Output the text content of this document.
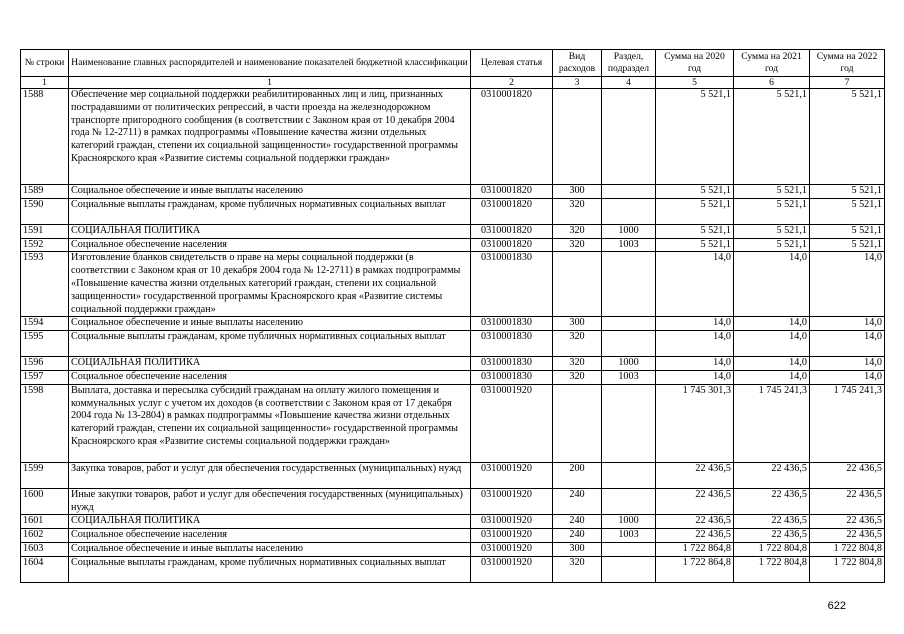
№ строки	Наименование главных распорядителей и наименование показателей бюджетной классификации	Целевая статья	Вид расходов	Раздел, подраздел	Сумма на 2020 год	Сумма на 2021 год	Сумма на 2022 год
1	1	2	3	4	5	6	7
1588	Обеспечение мер социальной поддержки реабилитированных лиц и лиц, признанных пострадавшими от политических репрессий, в части проезда на железнодорожном транспорте пригородного сообщения (в соответствии с Законом края от 10 декабря 2004 года № 12-2711) в рамках подпрограммы «Повышение качества жизни отдельных категорий граждан, степени их социальной защищенности» государственной программы Красноярского края «Развитие системы социальной поддержки граждан»	0310001820			5 521,1	5 521,1	5 521,1
1589	Социальное обеспечение и иные выплаты населению	0310001820	300		5 521,1	5 521,1	5 521,1
1590	Социальные выплаты гражданам, кроме публичных нормативных социальных выплат	0310001820	320		5 521,1	5 521,1	5 521,1
1591	СОЦИАЛЬНАЯ ПОЛИТИКА	0310001820	320	1000	5 521,1	5 521,1	5 521,1
1592	Социальное обеспечение населения	0310001820	320	1003	5 521,1	5 521,1	5 521,1
1593	Изготовление бланков свидетельств о праве на меры социальной поддержки (в соответствии с Законом края от 10 декабря 2004 года № 12-2711) в рамках подпрограммы «Повышение качества жизни отдельных категорий граждан, степени их социальной защищенности» государственной программы Красноярского края «Развитие системы социальной поддержки граждан»	0310001830			14,0	14,0	14,0
1594	Социальное обеспечение и иные выплаты населению	0310001830	300		14,0	14,0	14,0
1595	Социальные выплаты гражданам, кроме публичных нормативных социальных выплат	0310001830	320		14,0	14,0	14,0
1596	СОЦИАЛЬНАЯ ПОЛИТИКА	0310001830	320	1000	14,0	14,0	14,0
1597	Социальное обеспечение населения	0310001830	320	1003	14,0	14,0	14,0
1598	Выплата, доставка и пересылка субсидий гражданам на оплату жилого помещения и коммунальных услуг с учетом их доходов (в соответствии с Законом края от 17 декабря 2004 года № 13-2804) в рамках подпрограммы «Повышение качества жизни отдельных категорий граждан, степени их социальной защищенности» государственной программы Красноярского края «Развитие системы социальной поддержки граждан»	0310001920			1 745 301,3	1 745 241,3	1 745 241,3
1599	Закупка товаров, работ и услуг для обеспечения государственных (муниципальных) нужд	0310001920	200		22 436,5	22 436,5	22 436,5
1600	Иные закупки товаров, работ и услуг для обеспечения государственных (муниципальных) нужд	0310001920	240		22 436,5	22 436,5	22 436,5
1601	СОЦИАЛЬНАЯ ПОЛИТИКА	0310001920	240	1000	22 436,5	22 436,5	22 436,5
1602	Социальное обеспечение населения	0310001920	240	1003	22 436,5	22 436,5	22 436,5
1603	Социальное обеспечение и иные выплаты населению	0310001920	300		1 722 864,8	1 722 804,8	1 722 804,8
1604	Социальные выплаты гражданам, кроме публичных нормативных социальных выплат	0310001920	320		1 722 864,8	1 722 804,8	1 722 804,8
622
